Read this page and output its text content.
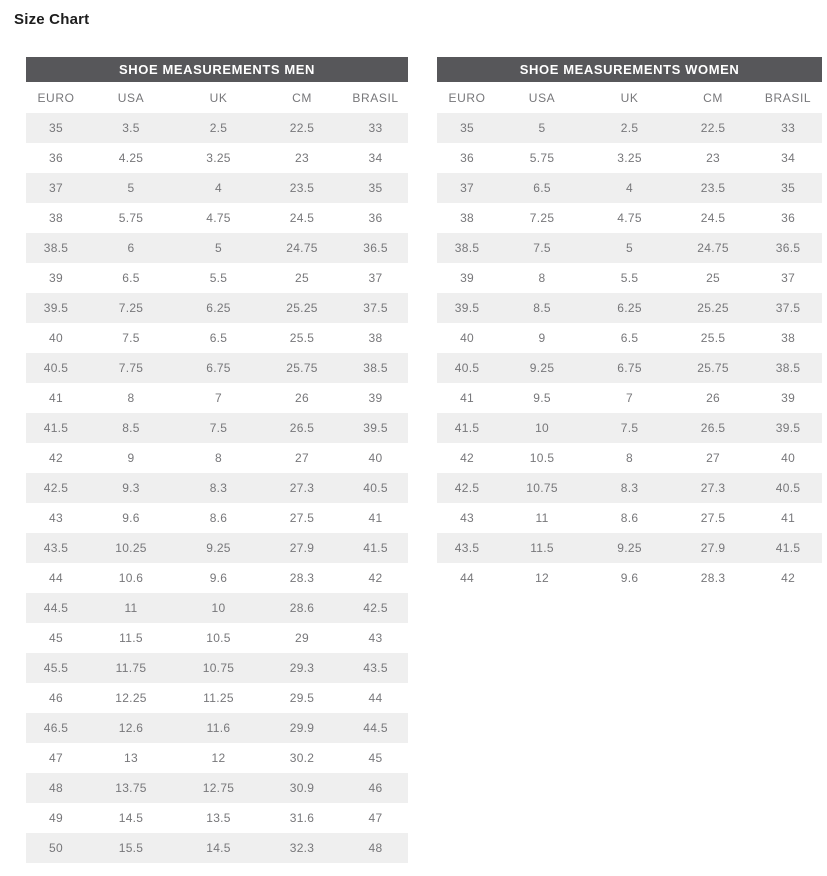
Size Chart
SHOE MEASUREMENTS MEN				
EURO	USA	UK	CM	BRASIL
35	3.5	2.5	22.5	33
36	4.25	3.25	23	34
37	5	4	23.5	35
38	5.75	4.75	24.5	36
38.5	6	5	24.75	36.5
39	6.5	5.5	25	37
39.5	7.25	6.25	25.25	37.5
40	7.5	6.5	25.5	38
40.5	7.75	6.75	25.75	38.5
41	8	7	26	39
41.5	8.5	7.5	26.5	39.5
42	9	8	27	40
42.5	9.3	8.3	27.3	40.5
43	9.6	8.6	27.5	41
43.5	10.25	9.25	27.9	41.5
44	10.6	9.6	28.3	42
44.5	11	10	28.6	42.5
45	11.5	10.5	29	43
45.5	11.75	10.75	29.3	43.5
46	12.25	11.25	29.5	44
46.5	12.6	11.6	29.9	44.5
47	13	12	30.2	45
48	13.75	12.75	30.9	46
49	14.5	13.5	31.6	47
50	15.5	14.5	32.3	48
SHOE MEASUREMENTS WOMEN				
EURO	USA	UK	CM	BRASIL
35	5	2.5	22.5	33
36	5.75	3.25	23	34
37	6.5	4	23.5	35
38	7.25	4.75	24.5	36
38.5	7.5	5	24.75	36.5
39	8	5.5	25	37
39.5	8.5	6.25	25.25	37.5
40	9	6.5	25.5	38
40.5	9.25	6.75	25.75	38.5
41	9.5	7	26	39
41.5	10	7.5	26.5	39.5
42	10.5	8	27	40
42.5	10.75	8.3	27.3	40.5
43	11	8.6	27.5	41
43.5	11.5	9.25	27.9	41.5
44	12	9.6	28.3	42
